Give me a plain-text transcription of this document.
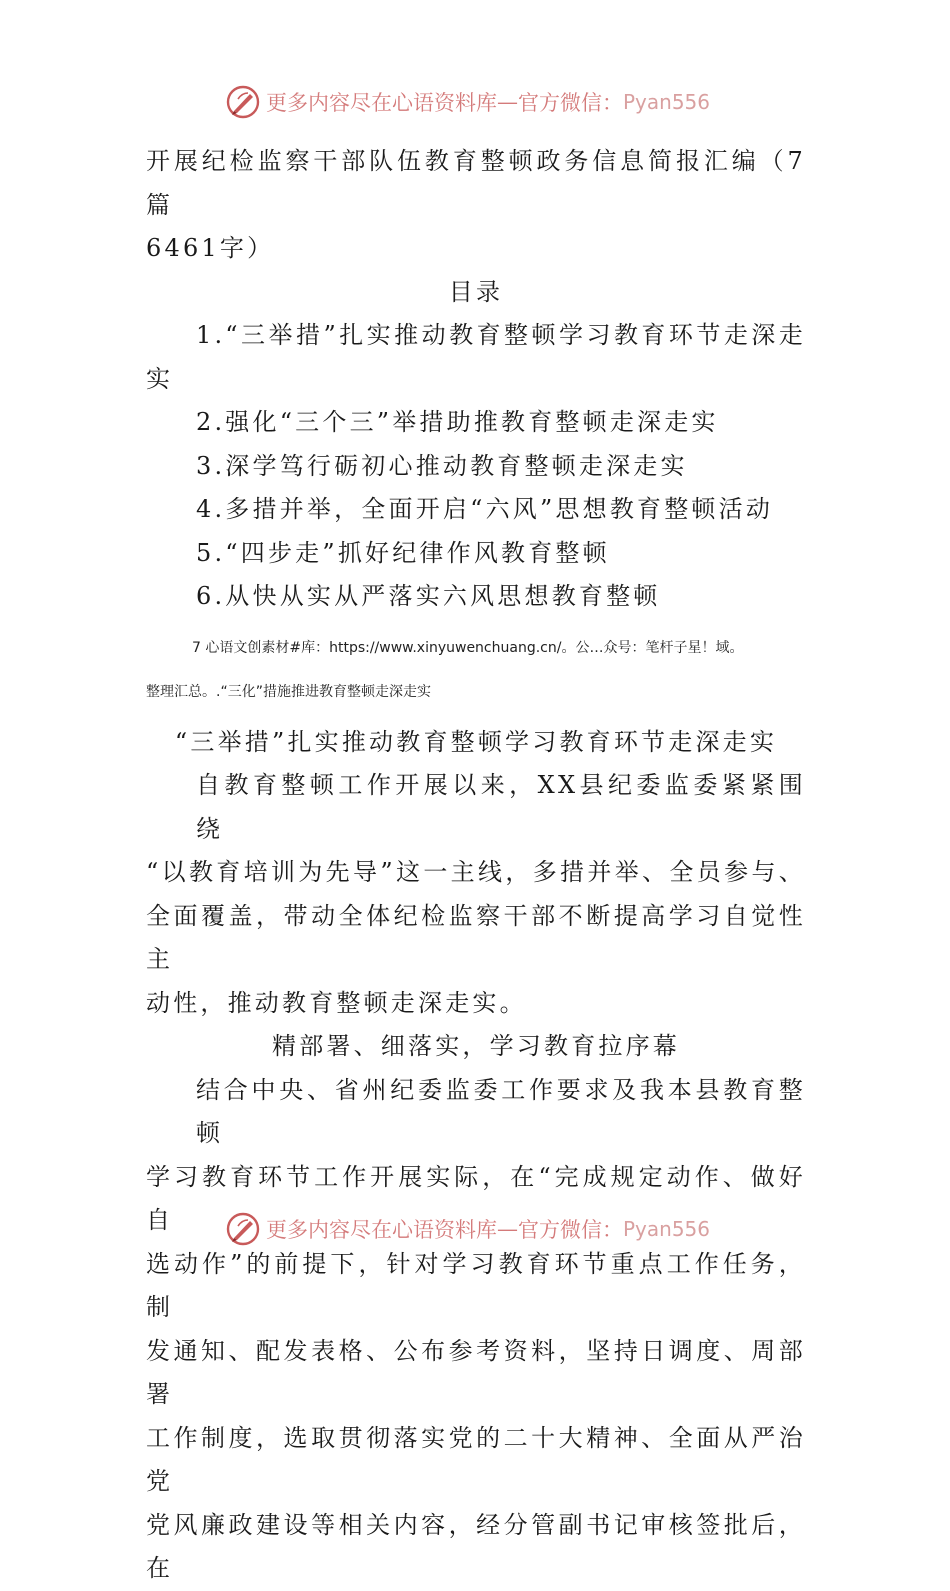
更多内容尽在心语资料库 — 官方微信： Pyan556

开展纪检监察干部队伍教育整顿政务信息简报汇编（7篇

6461字）

目录

1.“三举措”扎实推动教育整顿学习教育环节走深走

实

2.强化“三个三”举措助推教育整顿走深走实

3.深学笃行砺初心推动教育整顿走深走实

4.多措并举，全面开启“六风”思想教育整顿活动

5.“四步走”抓好纪律作风教育整顿

6.从快从实从严落实六风思想教育整顿

7 心语文创素材#库：https://www.xinyuwenchuang.cn/。公…众号：笔杆子星！域。

整理汇总。.“三化”措施推进教育整顿走深走实

“三举措”扎实推动教育整顿学习教育环节走深走实

自教育整顿工作开展以来，XX县纪委监委紧紧围绕

“以教育培训为先导”这一主线，多措并举、全员参与、

全面覆盖，带动全体纪检监察干部不断提高学习自觉性主

动性，推动教育整顿走深走实。

精部署、细落实，学习教育拉序幕

结合中央、省州纪委监委工作要求及我本县教育整顿

学习教育环节工作开展实际，在“完成规定动作、做好自

选动作”的前提下，针对学习教育环节重点工作任务，制

发通知、配发表格、公布参考资料，坚持日调度、周部署

工作制度，选取贯彻落实党的二十大精神、全面从严治党

党风廉政建设等相关内容，经分管副书记审核签批后，在

更多内容尽在心语资料库 — 官方微信： Pyan556
